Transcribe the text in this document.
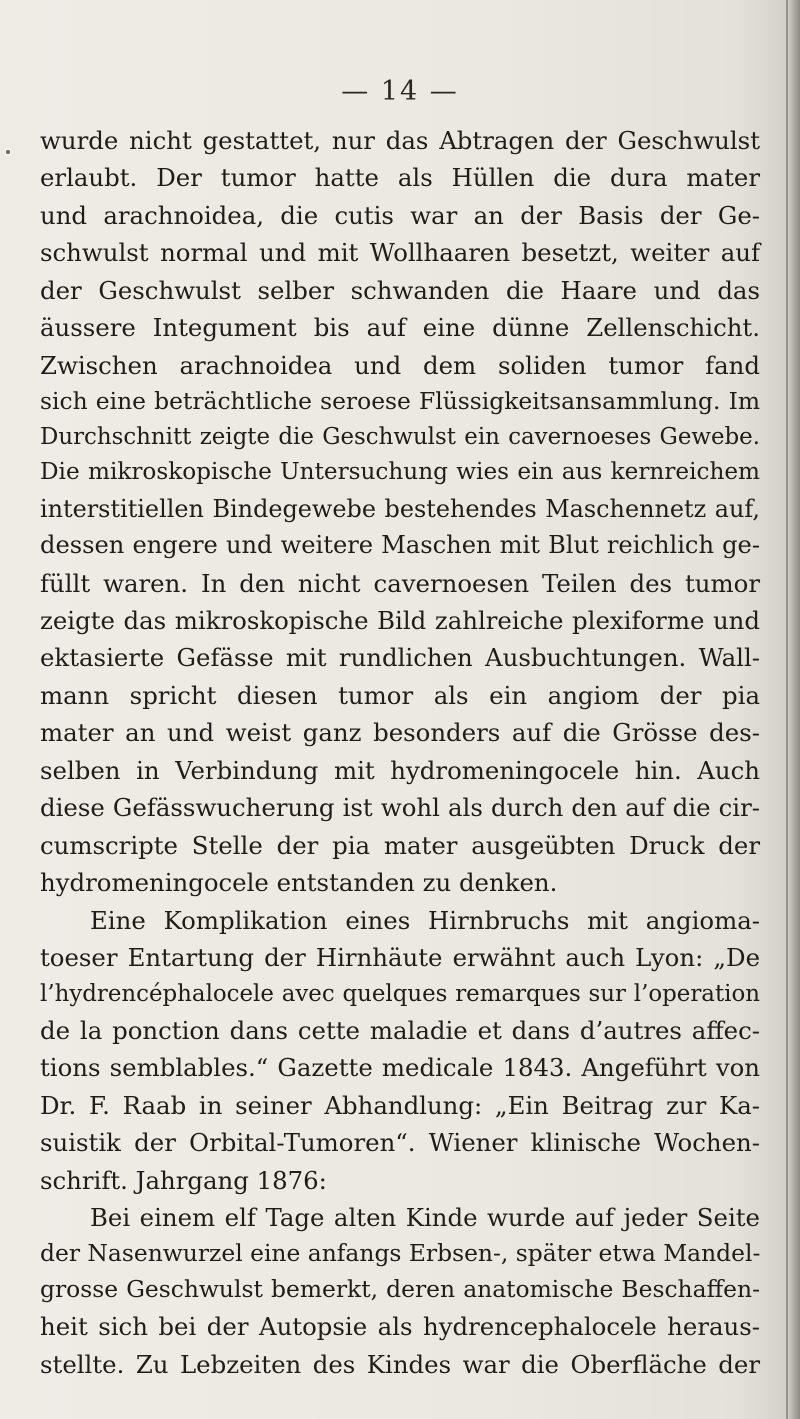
— 14 —
wurde nicht gestattet, nur das Abtragen der Geschwulst
erlaubt. Der tumor hatte als Hüllen die dura mater
und arachnoidea, die cutis war an der Basis der Ge-
schwulst normal und mit Wollhaaren besetzt, weiter auf
der Geschwulst selber schwanden die Haare und das
äussere Integument bis auf eine dünne Zellenschicht.
Zwischen arachnoidea und dem soliden tumor fand
sich eine beträchtliche seroese Flüssigkeitsansammlung. Im
Durchschnitt zeigte die Geschwulst ein cavernoeses Gewebe.
Die mikroskopische Untersuchung wies ein aus kernreichem
interstitiellen Bindegewebe bestehendes Maschennetz auf,
dessen engere und weitere Maschen mit Blut reichlich ge-
füllt waren. In den nicht cavernoesen Teilen des tumor
zeigte das mikroskopische Bild zahlreiche plexiforme und
ektasierte Gefässe mit rundlichen Ausbuchtungen. Wall-
mann spricht diesen tumor als ein angiom der pia
mater an und weist ganz besonders auf die Grösse des-
selben in Verbindung mit hydromeningocele hin. Auch
diese Gefässwucherung ist wohl als durch den auf die cir-
cumscripte Stelle der pia mater ausgeübten Druck der
hydromeningocele entstanden zu denken.
Eine Komplikation eines Hirnbruchs mit angioma-
toeser Entartung der Hirnhäute erwähnt auch Lyon: „De
l’hydrencéphalocele avec quelques remarques sur l’operation
de la ponction dans cette maladie et dans d’autres affec-
tions semblables.“ Gazette medicale 1843. Angeführt von
Dr. F. Raab in seiner Abhandlung: „Ein Beitrag zur Ka-
suistik der Orbital-Tumoren“. Wiener klinische Wochen-
schrift. Jahrgang 1876:
Bei einem elf Tage alten Kinde wurde auf jeder Seite
der Nasenwurzel eine anfangs Erbsen-, später etwa Mandel-
grosse Geschwulst bemerkt, deren anatomische Beschaffen-
heit sich bei der Autopsie als hydrencephalocele heraus-
stellte. Zu Lebzeiten des Kindes war die Oberfläche der
